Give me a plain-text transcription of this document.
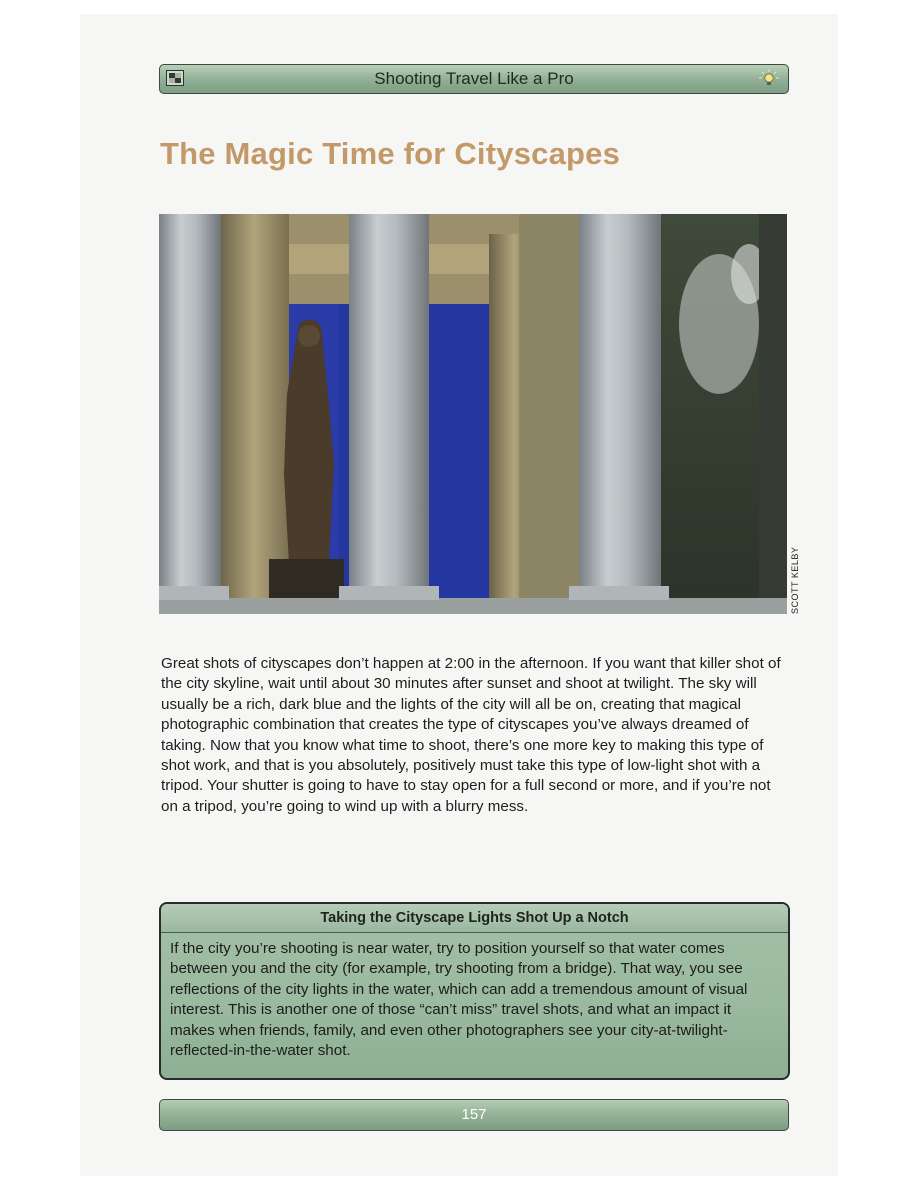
Shooting Travel Like a Pro
The Magic Time for Cityscapes
SCOTT KELBY
Great shots of cityscapes don’t happen at 2:00 in the afternoon. If you want that killer shot of the city skyline, wait until about 30 minutes after sunset and shoot at twilight. The sky will usually be a rich, dark blue and the lights of the city will all be on, creating that magical photographic combination that creates the type of cityscapes you’ve always dreamed of taking. Now that you know what time to shoot, there’s one more key to making this type of shot work, and that is you absolutely, positively must take this type of low-light shot with a tripod. Your shutter is going to have to stay open for a full second or more, and if you’re not on a tripod, you’re going to wind up with a blurry mess.
Taking the Cityscape Lights Shot Up a Notch
If the city you’re shooting is near water, try to position yourself so that water comes between you and the city (for example, try shooting from a bridge). That way, you see reflections of the city lights in the water, which can add a tremendous amount of visual interest. This is another one of those “can’t miss” travel shots, and what an impact it makes when friends, family, and even other photographers see your city-at-twilight-reflected-in-the-water shot.
157
